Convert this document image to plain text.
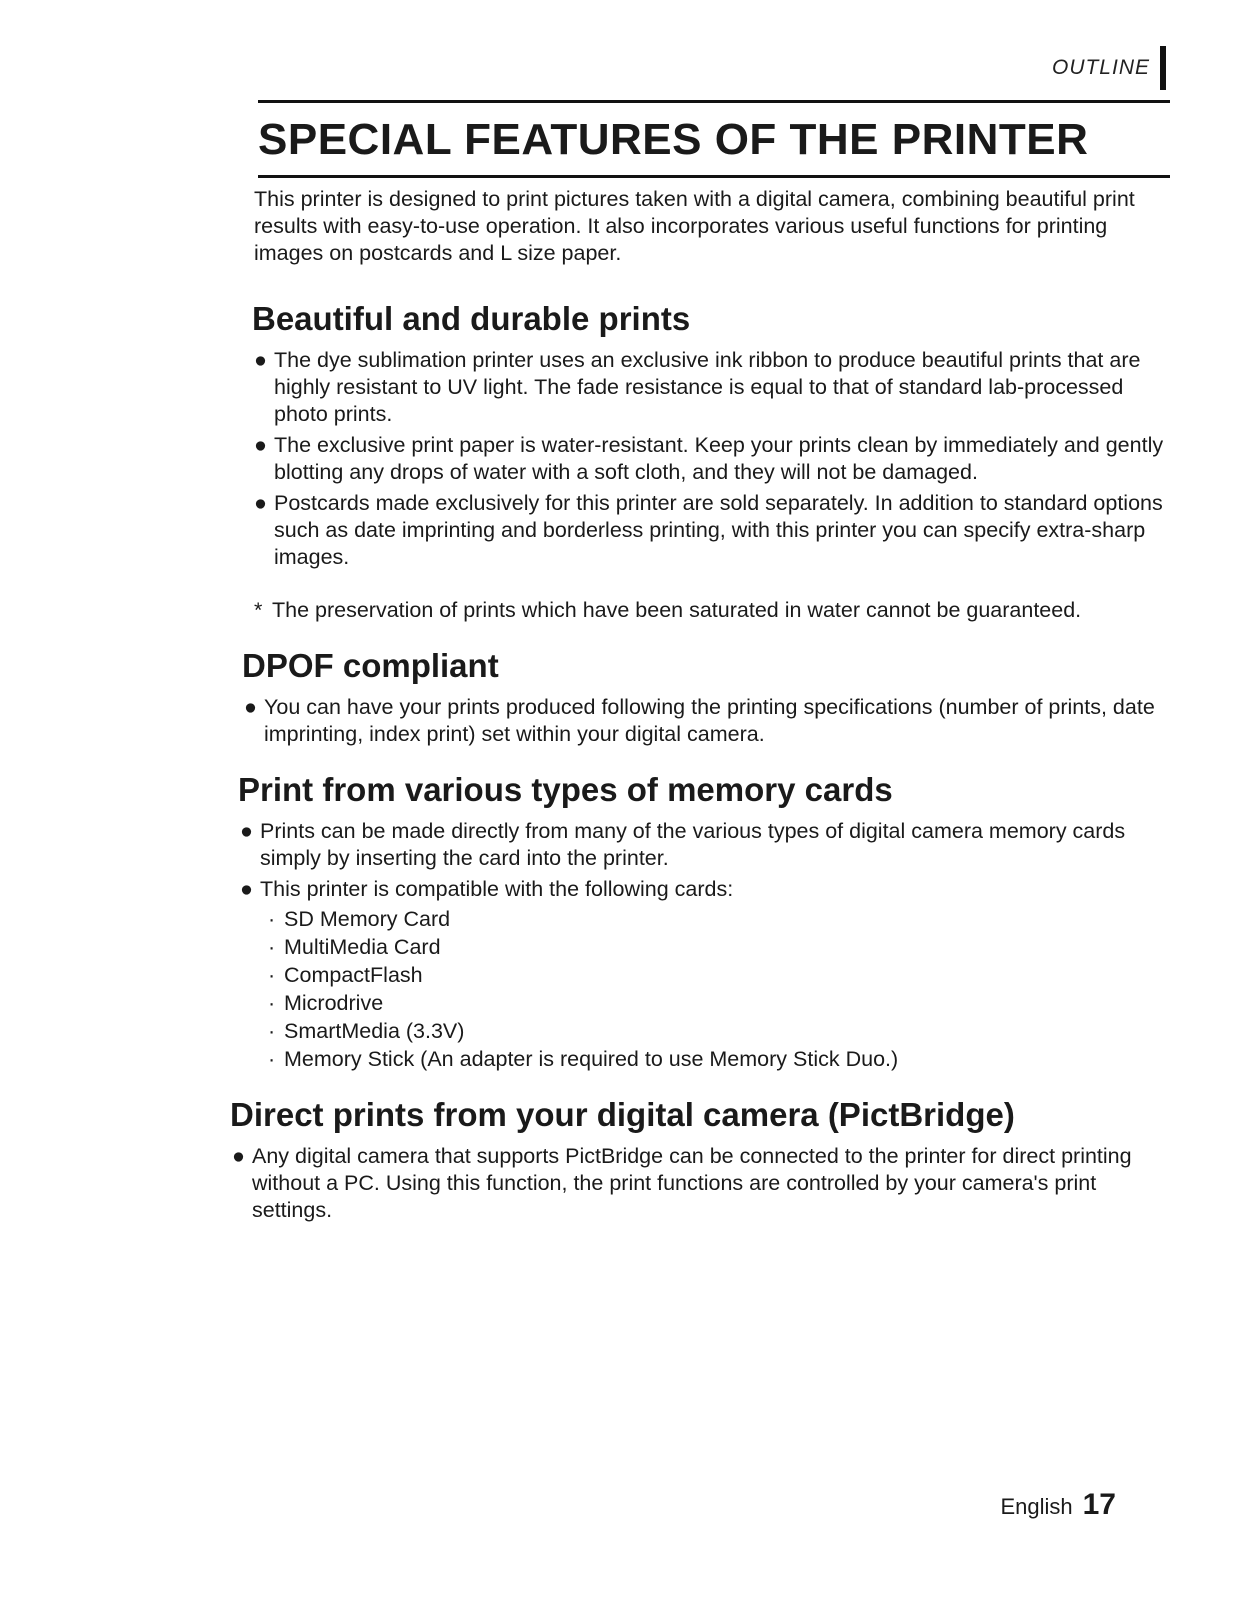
OUTLINE
SPECIAL FEATURES OF THE PRINTER

This printer is designed to print pictures taken with a digital camera, combining beautiful print results with easy-to-use operation. It also incorporates various useful functions for printing images on postcards and L size paper.

Beautiful and durable prints
● The dye sublimation printer uses an exclusive ink ribbon to produce beautiful prints that are highly resistant to UV light. The fade resistance is equal to that of standard lab-processed photo prints.
● The exclusive print paper is water-resistant. Keep your prints clean by immediately and gently blotting any drops of water with a soft cloth, and they will not be damaged.
● Postcards made exclusively for this printer are sold separately. In addition to standard options such as date imprinting and borderless printing, with this printer you can specify extra-sharp images.
* The preservation of prints which have been saturated in water cannot be guaranteed.
DPOF compliant
● You can have your prints produced following the printing specifications (number of prints, date imprinting, index print) set within your digital camera.
Print from various types of memory cards
● Prints can be made directly from many of the various types of digital camera memory cards simply by inserting the card into the printer.
● This printer is compatible with the following cards:
· SD Memory Card
· MultiMedia Card
· CompactFlash
· Microdrive
· SmartMedia (3.3V)
· Memory Stick (An adapter is required to use Memory Stick Duo.)
Direct prints from your digital camera (PictBridge)
● Any digital camera that supports PictBridge can be connected to the printer for direct printing without a PC. Using this function, the print functions are controlled by your camera's print settings.
English 17
